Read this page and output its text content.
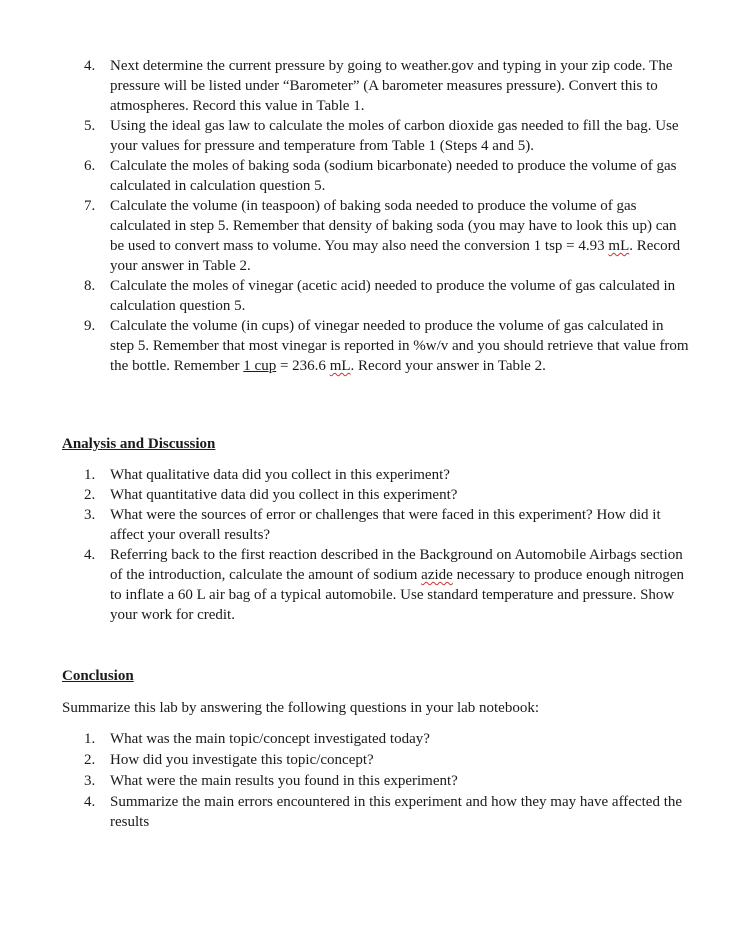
4. Next determine the current pressure by going to weather.gov and typing in your zip code. The pressure will be listed under “Barometer” (A barometer measures pressure). Convert this to atmospheres. Record this value in Table 1.
5. Using the ideal gas law to calculate the moles of carbon dioxide gas needed to fill the bag. Use your values for pressure and temperature from Table 1 (Steps 4 and 5).
6. Calculate the moles of baking soda (sodium bicarbonate) needed to produce the volume of gas calculated in calculation question 5.
7. Calculate the volume (in teaspoon) of baking soda needed to produce the volume of gas calculated in step 5. Remember that density of baking soda (you may have to look this up) can be used to convert mass to volume. You may also need the conversion 1 tsp = 4.93 mL. Record your answer in Table 2.
8. Calculate the moles of vinegar (acetic acid) needed to produce the volume of gas calculated in calculation question 5.
9. Calculate the volume (in cups) of vinegar needed to produce the volume of gas calculated in step 5. Remember that most vinegar is reported in %w/v and you should retrieve that value from the bottle. Remember 1 cup = 236.6 mL. Record your answer in Table 2.
Analysis and Discussion
1. What qualitative data did you collect in this experiment?
2. What quantitative data did you collect in this experiment?
3. What were the sources of error or challenges that were faced in this experiment? How did it affect your overall results?
4. Referring back to the first reaction described in the Background on Automobile Airbags section of the introduction, calculate the amount of sodium azide necessary to produce enough nitrogen to inflate a 60 L air bag of a typical automobile. Use standard temperature and pressure. Show your work for credit.
Conclusion
Summarize this lab by answering the following questions in your lab notebook:
1. What was the main topic/concept investigated today?
2. How did you investigate this topic/concept?
3. What were the main results you found in this experiment?
4. Summarize the main errors encountered in this experiment and how they may have affected the results
